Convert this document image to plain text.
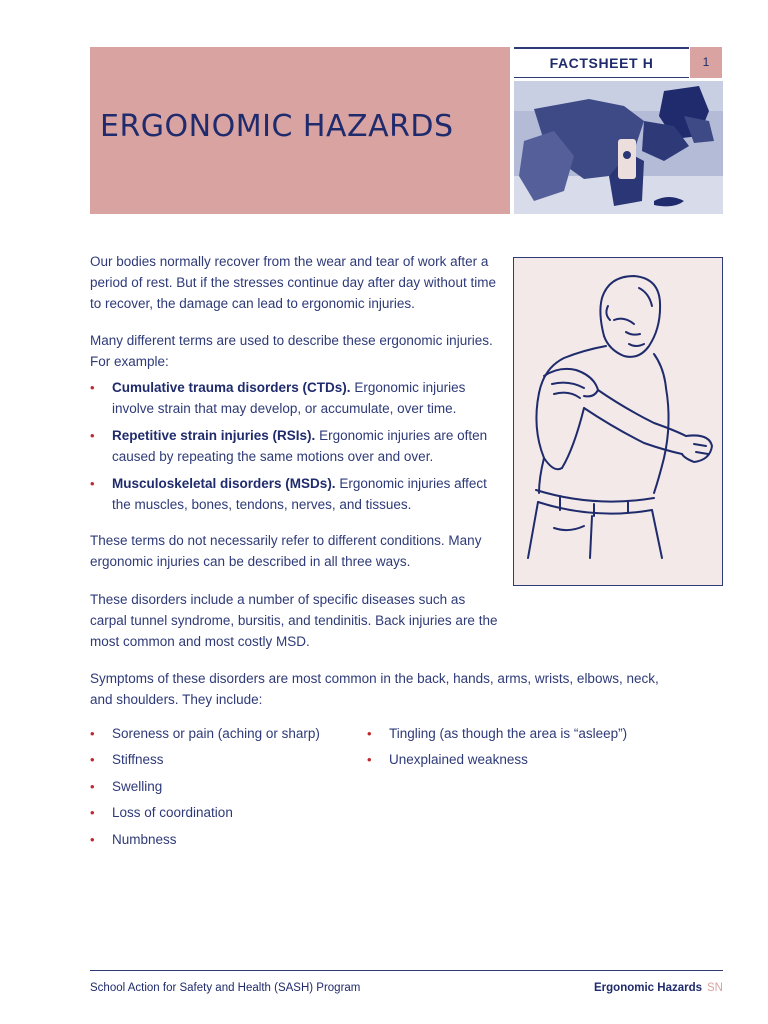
ERGONOMIC HAZARDS
FACTSHEET H	1

Our bodies normally recover from the wear and tear of work after a period of rest. But if the stresses continue day after day without time to recover, the damage can lead to ergonomic injuries.

Many different terms are used to describe these ergonomic injuries. For example:

• Cumulative trauma disorders (CTDs). Ergonomic injuries involve strain that may develop, or accumulate, over time.
• Repetitive strain injuries (RSIs). Ergonomic injuries are often caused by repeating the same motions over and over.
• Musculoskeletal disorders (MSDs). Ergonomic injuries affect the muscles, bones, tendons, nerves, and tissues.

These terms do not necessarily refer to different conditions. Many ergonomic injuries can be described in all three ways.

These disorders include a number of specific diseases such as carpal tunnel syndrome, bursitis, and tendinitis. Back injuries are the most common and most costly MSD.

Symptoms of these disorders are most common in the back, hands, arms, wrists, elbows, neck, and shoulders. They include:

• Soreness or pain (aching or sharp)
• Stiffness
• Swelling
• Loss of coordination
• Numbness
• Tingling (as though the area is “asleep”)
• Unexplained weakness
School Action for Safety and Health (SASH) Program	Ergonomic Hazards SN
